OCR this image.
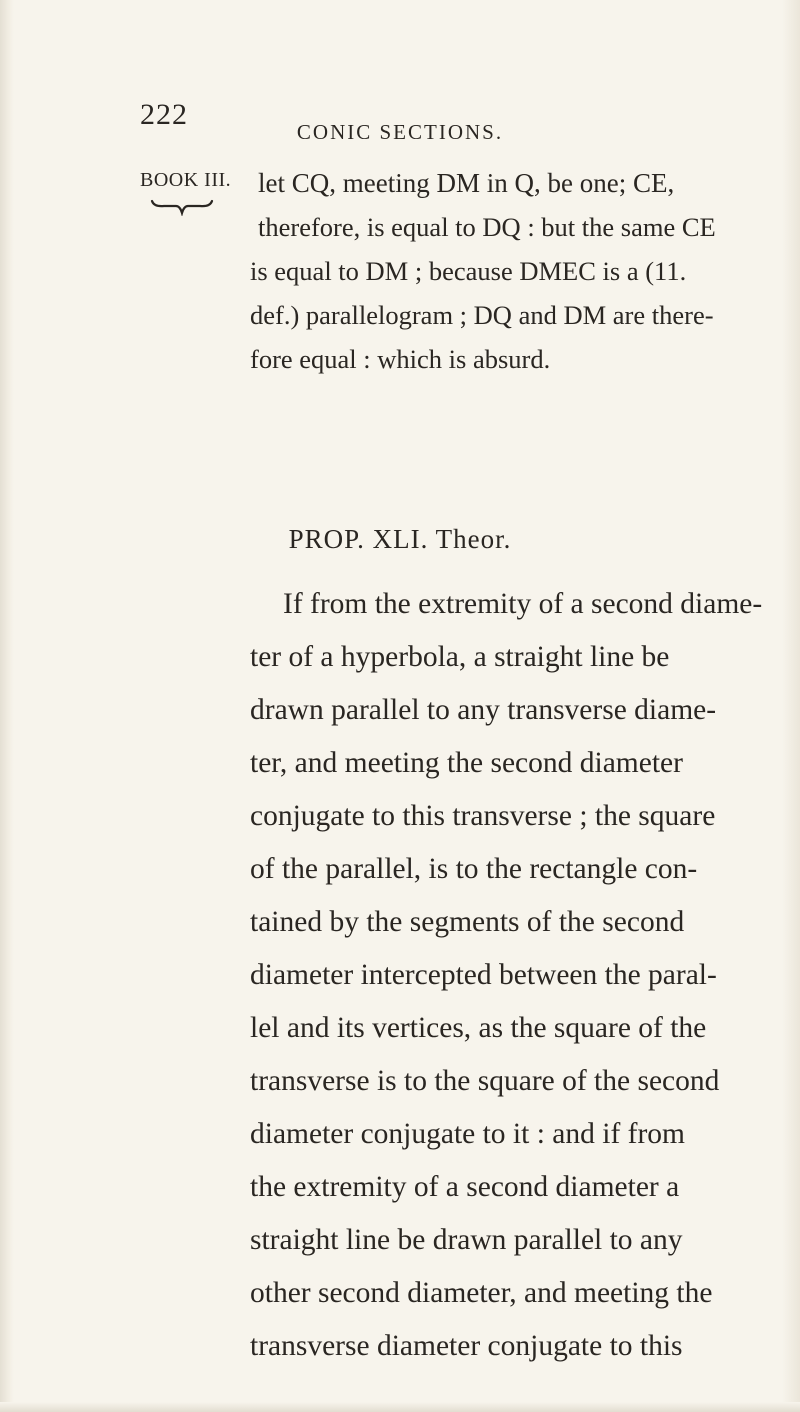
222
CONIC SECTIONS.
BOOK III. let CQ, meeting DM in Q, be one; CE,
therefore, is equal to DQ : but the same CE
is equal to DM ; because DMEC is a (11.
def.) parallelogram ; DQ and DM are there-
fore equal : which is absurd.
PROP. XLI. Theor.
If from the extremity of a second diame-
ter of a hyperbola, a straight line be
drawn parallel to any transverse diame-
ter, and meeting the second diameter
conjugate to this transverse ; the square
of the parallel, is to the rectangle con-
tained by the segments of the second
diameter intercepted between the paral-
lel and its vertices, as the square of the
transverse is to the square of the second
diameter conjugate to it : and if from
the extremity of a second diameter a
straight line be drawn parallel to any
other second diameter, and meeting the
transverse diameter conjugate to this
